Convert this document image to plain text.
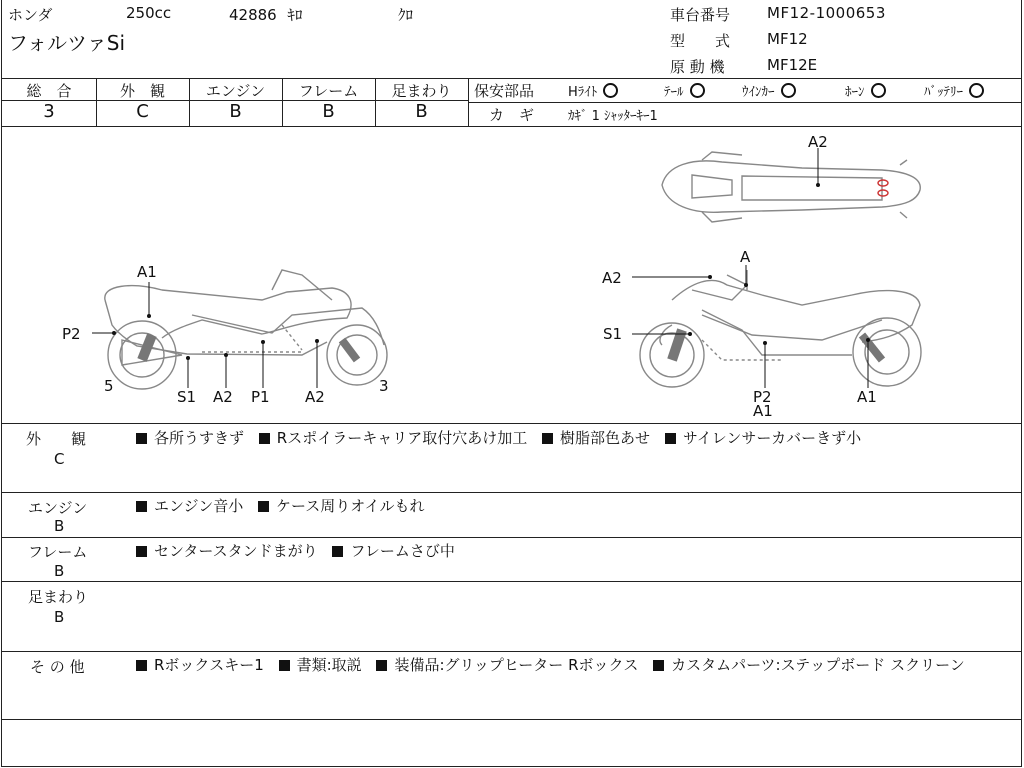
ホンダ	250cc	42886 ｷﾛ	ｸﾛ
フォルツァSi
車台番号 MF12-1000653
型　　式 MF12
原 動 機	MF12E
総　合	外　観	エンジン	フレーム	足まわり
3	C	B	B	B
保安部品	Hﾗｲﾄ	ﾃｰﾙ	ｳｲﾝｶｰ	ﾎｰﾝ	ﾊﾞｯﾃﾘｰ
カ　ギ	ｶｷﾞ 1 ｼｬｯﾀｰｷｰ1
A1
P2
5
S1 A2 P1 A2
3
A2
A
S1
P2
A1
A1
A2
外　　観
C
各所うすきず Rスポイラーキャリア取付穴あけ加工 樹脂部色あせ サイレンサーカバーきず小
エンジン
B
エンジン音小 ケース周りオイルもれ
フレーム
B
センタースタンドまがり フレームさび中
足まわり
B
そ の 他	Rボックスキー1 書類:取説 装備品:グリップヒーター Rボックス カスタムパーツ:ステップボード スクリーン
